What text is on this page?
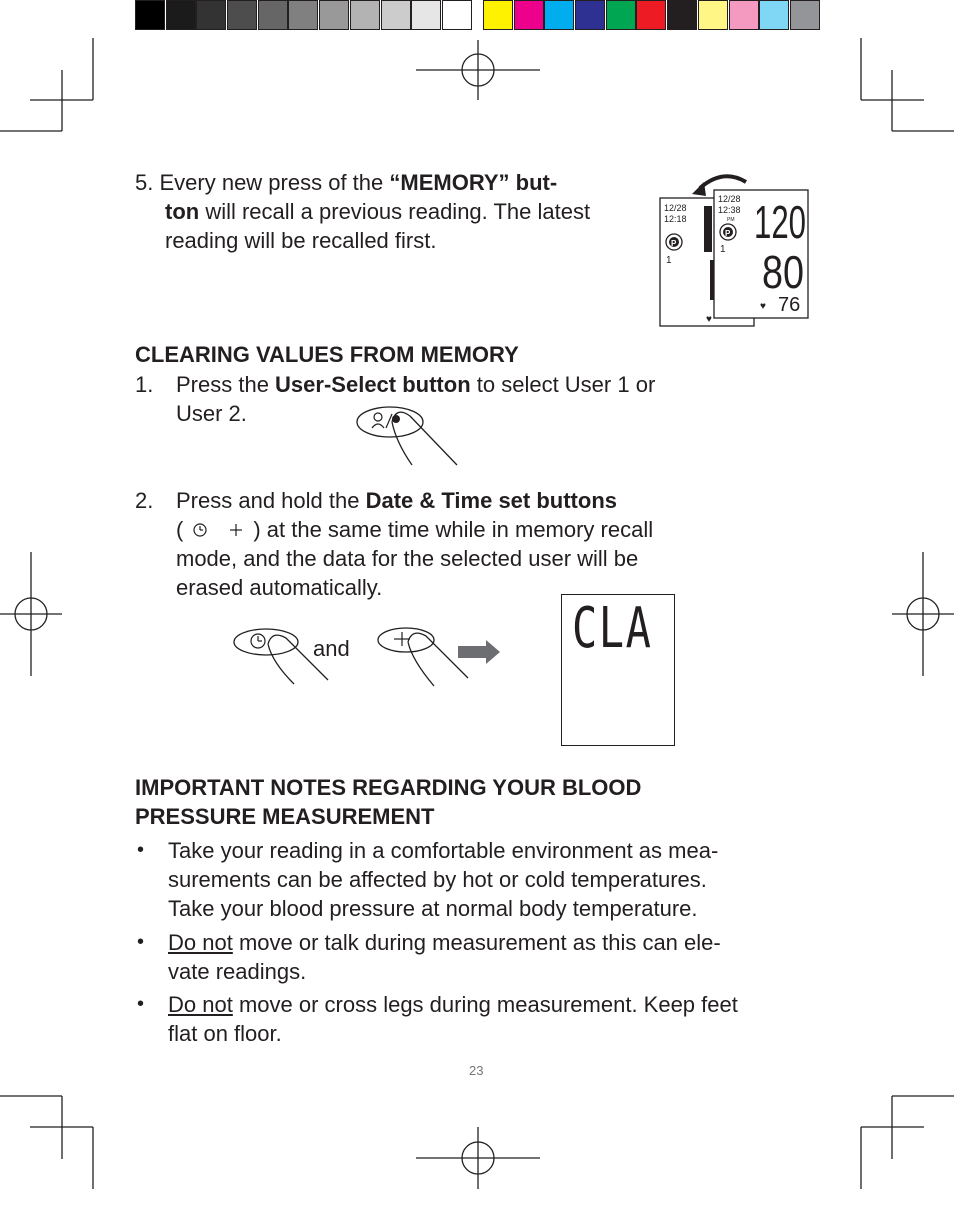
5. Every new press of the “MEMORY” but-
ton will recall a previous reading. The latest
reading will be recalled first.
12/28
12:18
P
1
♥
12/28
12:38
PM
P
1
120
80
♥ 76
CLEARING VALUES FROM MEMORY
1. Press the User-Select button to select User 1 or
User 2.
2. Press and hold the Date & Time set buttons
(	) at the same time while in memory recall
mode, and the data for the selected user will be
erased automatically.
and	CLA
IMPORTANT NOTES REGARDING YOUR BLOOD
PRESSURE MEASUREMENT
• Take your reading in a comfortable environment as mea-
surements can be affected by hot or cold temperatures.
Take your blood pressure at normal body temperature.
• Do not move or talk during measurement as this can ele-
vate readings.
• Do not move or cross legs during measurement. Keep feet
flat on floor.
23
